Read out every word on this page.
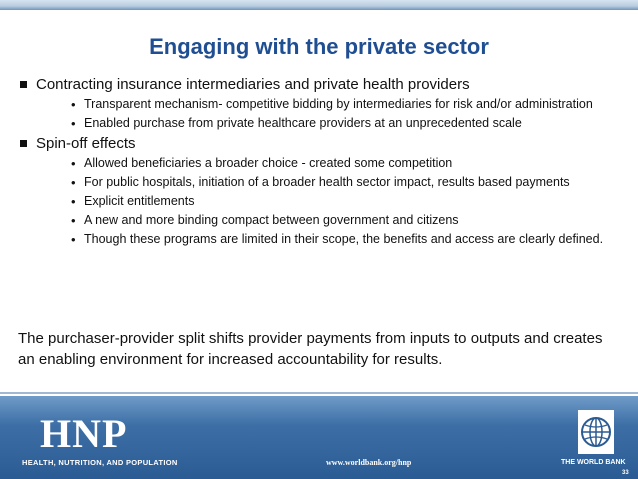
Engaging with the private sector
Contracting insurance intermediaries and private health providers
• Transparent mechanism- competitive bidding by intermediaries for risk and/or administration
• Enabled purchase from private healthcare providers at an unprecedented scale
Spin-off effects
• Allowed beneficiaries a broader choice - created some competition
• For public hospitals, initiation of a broader health sector impact, results based payments
• Explicit entitlements
• A new and more binding compact between government and citizens
• Though these programs are limited in their scope, the benefits and access are clearly defined.
The purchaser-provider split shifts provider payments from inputs to outputs and creates an enabling environment for increased accountability for results.
HNP
HEALTH, NUTRITION, AND POPULATION	www.worldbank.org/hnp	THE WORLD BANK
33
